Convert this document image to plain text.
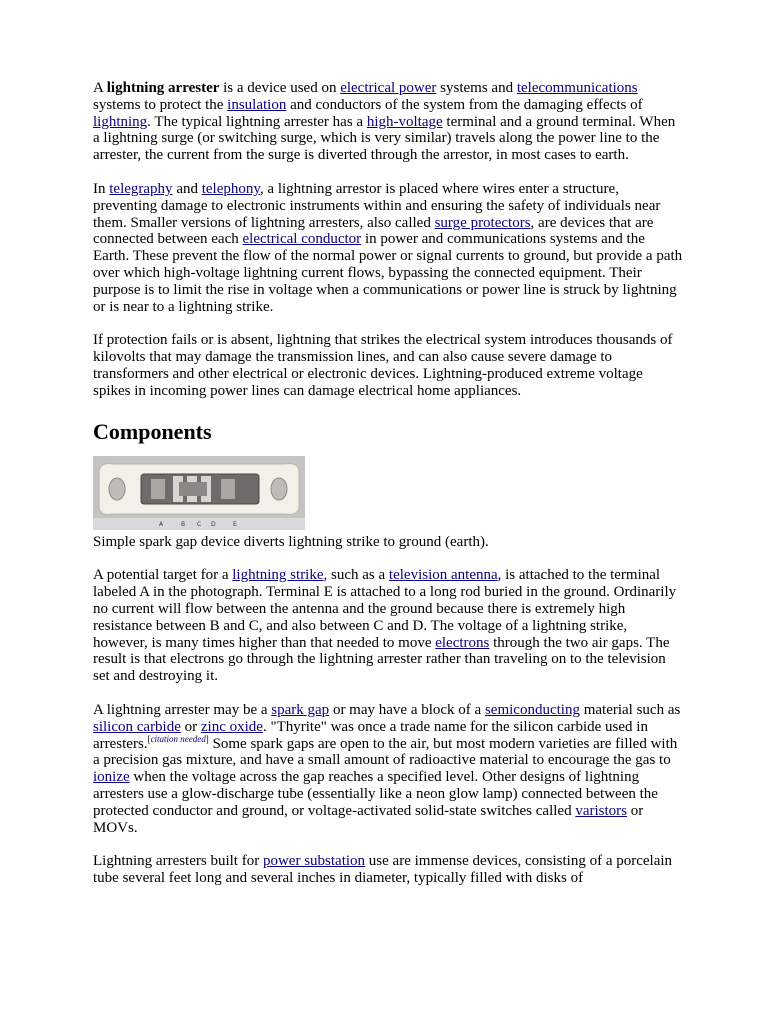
A lightning arrester is a device used on electrical power systems and telecommunications systems to protect the insulation and conductors of the system from the damaging effects of lightning. The typical lightning arrester has a high-voltage terminal and a ground terminal. When a lightning surge (or switching surge, which is very similar) travels along the power line to the arrester, the current from the surge is diverted through the arrestor, in most cases to earth.

In telegraphy and telephony, a lightning arrestor is placed where wires enter a structure, preventing damage to electronic instruments within and ensuring the safety of individuals near them. Smaller versions of lightning arresters, also called surge protectors, are devices that are connected between each electrical conductor in power and communications systems and the Earth. These prevent the flow of the normal power or signal currents to ground, but provide a path over which high-voltage lightning current flows, bypassing the connected equipment. Their purpose is to limit the rise in voltage when a communications or power line is struck by lightning or is near to a lightning strike.

If protection fails or is absent, lightning that strikes the electrical system introduces thousands of kilovolts that may damage the transmission lines, and can also cause severe damage to transformers and other electrical or electronic devices. Lightning-produced extreme voltage spikes in incoming power lines can damage electrical home appliances.

Components
A	B C D	E

Simple spark gap device diverts lightning strike to ground (earth).

A potential target for a lightning strike, such as a television antenna, is attached to the terminal labeled A in the photograph. Terminal E is attached to a long rod buried in the ground. Ordinarily no current will flow between the antenna and the ground because there is extremely high resistance between B and C, and also between C and D. The voltage of a lightning strike, however, is many times higher than that needed to move electrons through the two air gaps. The result is that electrons go through the lightning arrester rather than traveling on to the television set and destroying it.

A lightning arrester may be a spark gap or may have a block of a semiconducting material such as silicon carbide or zinc oxide. "Thyrite" was once a trade name for the silicon carbide used in arresters.[citation needed] Some spark gaps are open to the air, but most modern varieties are filled with a precision gas mixture, and have a small amount of radioactive material to encourage the gas to ionize when the voltage across the gap reaches a specified level. Other designs of lightning arresters use a glow-discharge tube (essentially like a neon glow lamp) connected between the protected conductor and ground, or voltage-activated solid-state switches called varistors or MOVs.

Lightning arresters built for power substation use are immense devices, consisting of a porcelain tube several feet long and several inches in diameter, typically filled with disks of
